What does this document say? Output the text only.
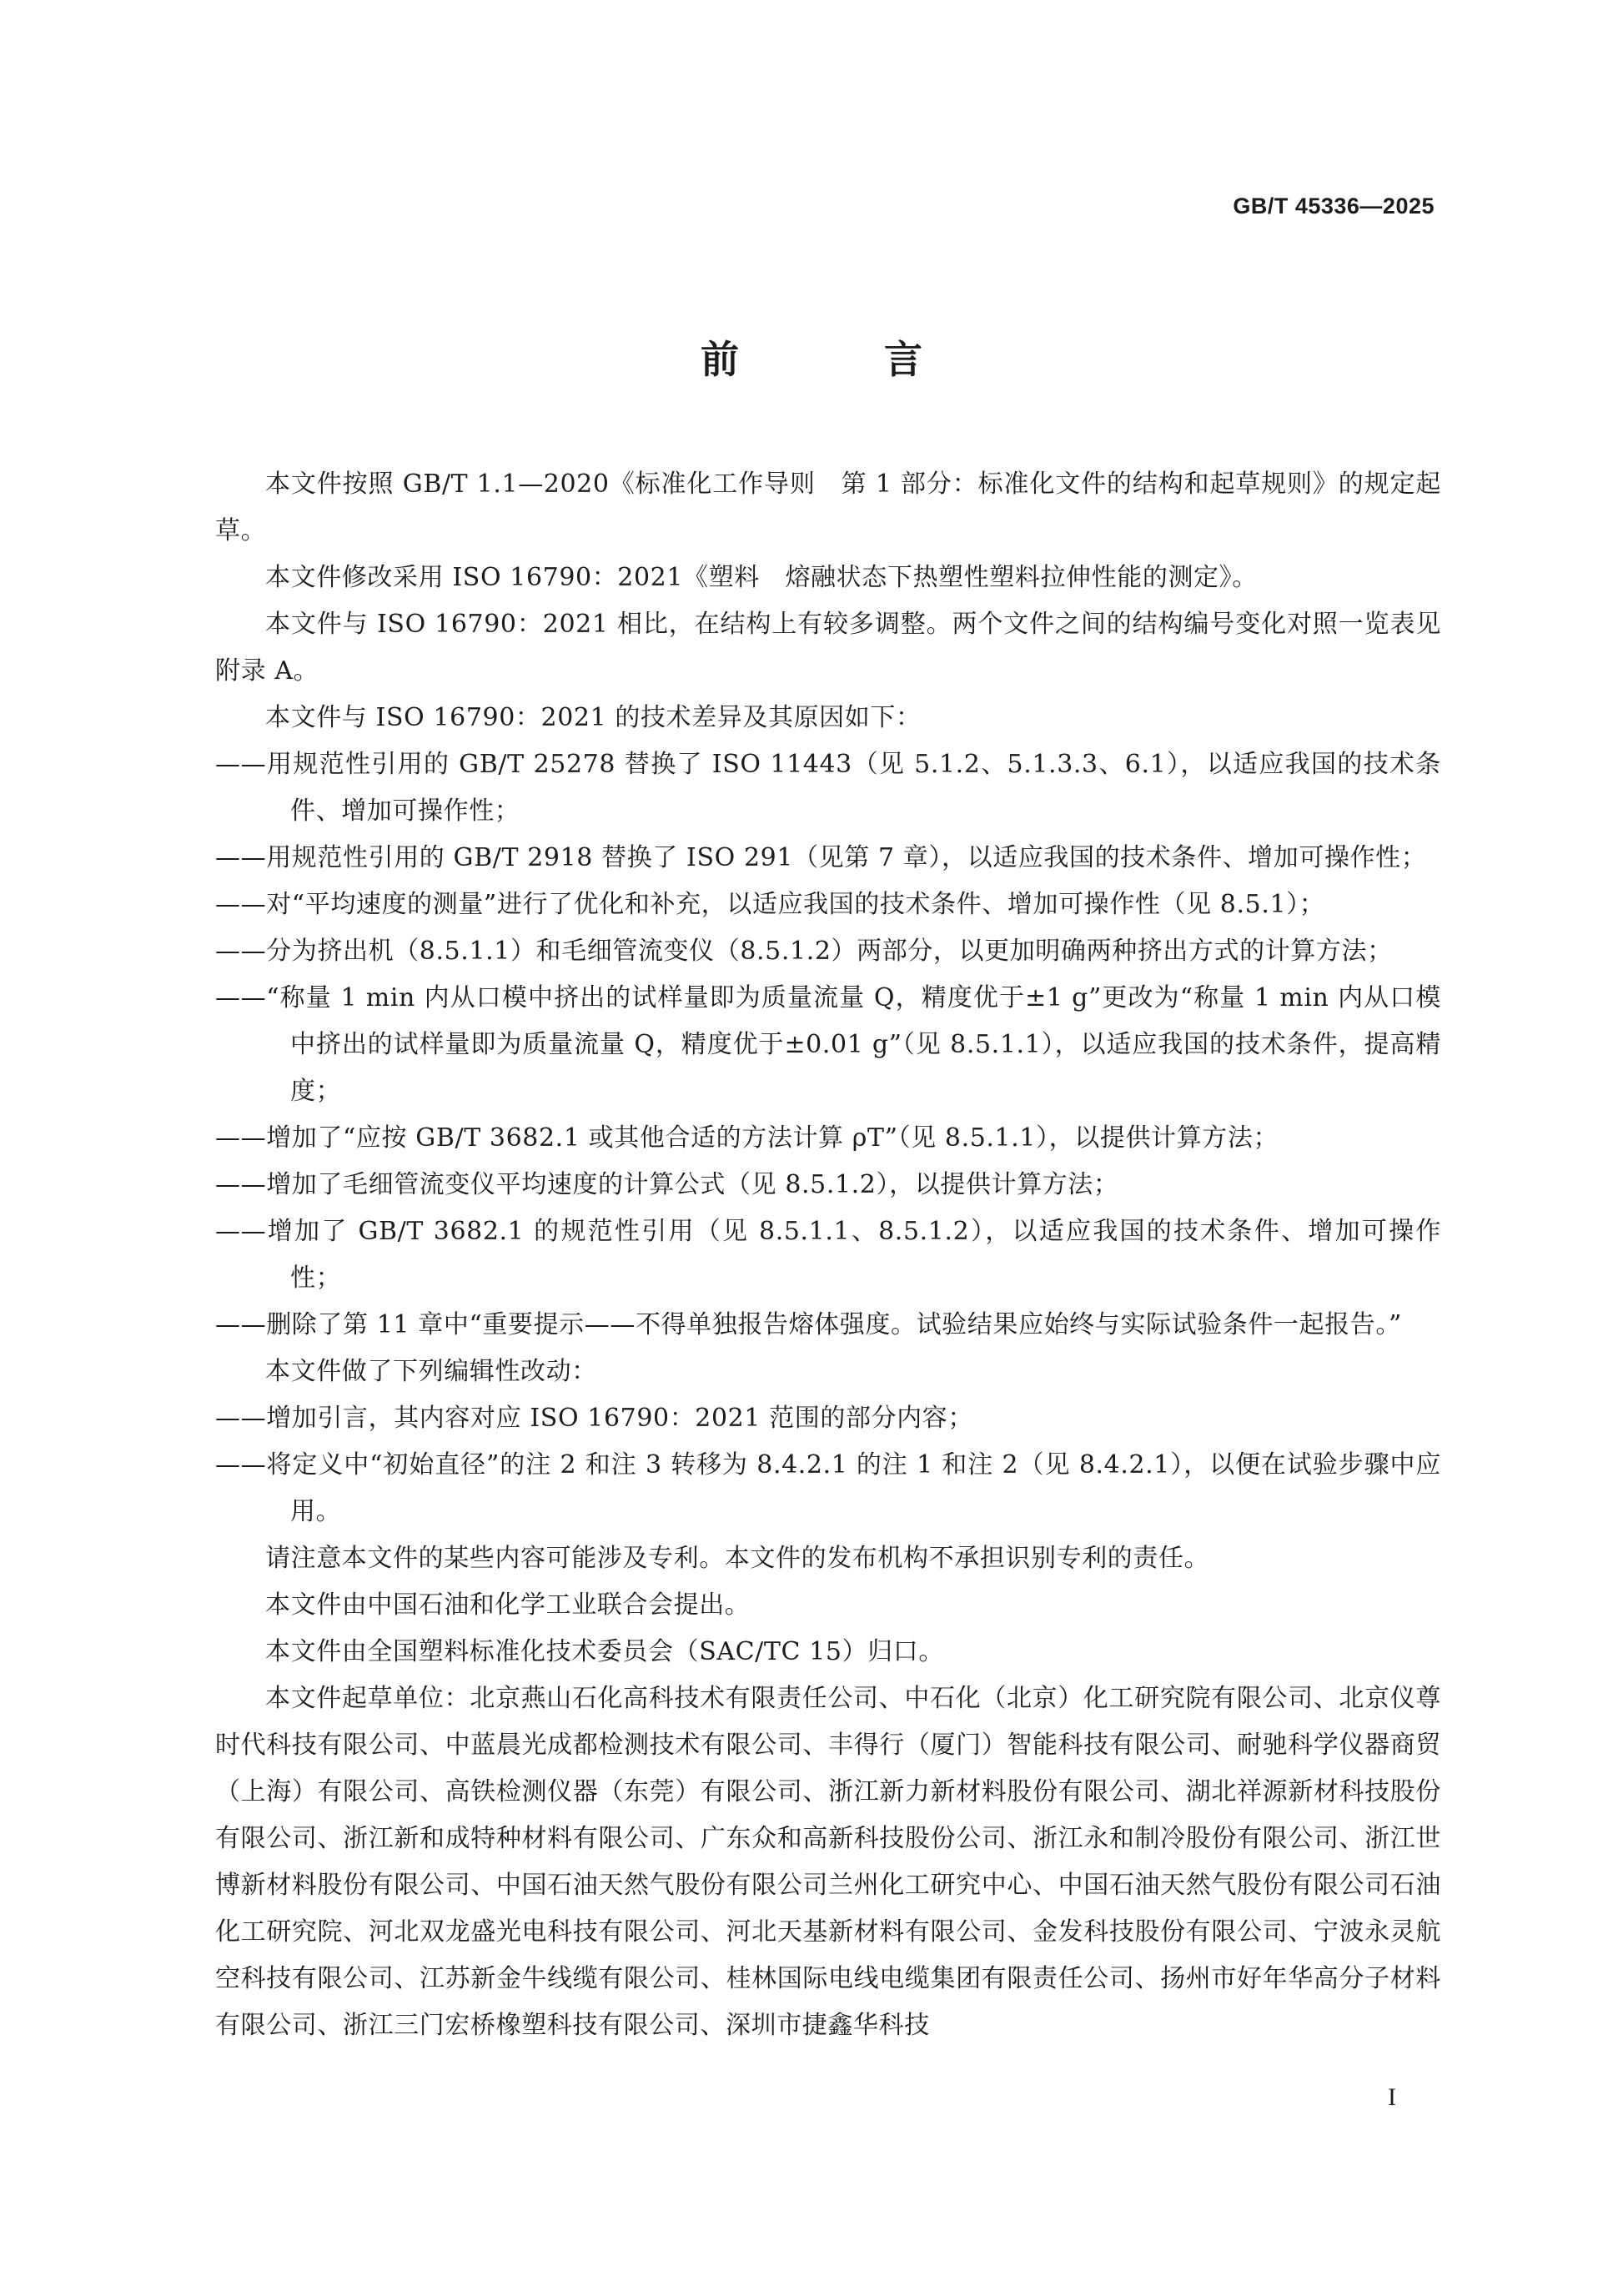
GB/T 45336—2025
前　言

本文件按照 GB/T 1.1—2020《标准化工作导则　第 1 部分：标准化文件的结构和起草规则》的规定起草。

本文件修改采用 ISO 16790：2021《塑料　熔融状态下热塑性塑料拉伸性能的测定》。

本文件与 ISO 16790：2021 相比，在结构上有较多调整。两个文件之间的结构编号变化对照一览表见附录 A。

本文件与 ISO 16790：2021 的技术差异及其原因如下：

——用规范性引用的 GB/T 25278 替换了 ISO 11443（见 5.1.2、5.1.3.3、6.1），以适应我国的技术条件、增加可操作性；

——用规范性引用的 GB/T 2918 替换了 ISO 291（见第 7 章），以适应我国的技术条件、增加可操作性；

——对“平均速度的测量”进行了优化和补充，以适应我国的技术条件、增加可操作性（见 8.5.1）；

——分为挤出机（8.5.1.1）和毛细管流变仪（8.5.1.2）两部分，以更加明确两种挤出方式的计算方法；

——“称量 1 min 内从口模中挤出的试样量即为质量流量 Q，精度优于±1 g”更改为“称量 1 min 内从口模中挤出的试样量即为质量流量 Q，精度优于±0.01 g”（见 8.5.1.1），以适应我国的技术条件，提高精度；

——增加了“应按 GB/T 3682.1 或其他合适的方法计算 ρT”（见 8.5.1.1），以提供计算方法；

——增加了毛细管流变仪平均速度的计算公式（见 8.5.1.2），以提供计算方法；

——增加了 GB/T 3682.1 的规范性引用（见 8.5.1.1、8.5.1.2），以适应我国的技术条件、增加可操作性；

——删除了第 11 章中“重要提示——不得单独报告熔体强度。试验结果应始终与实际试验条件一起报告。”

本文件做了下列编辑性改动：

——增加引言，其内容对应 ISO 16790：2021 范围的部分内容；

——将定义中“初始直径”的注 2 和注 3 转移为 8.4.2.1 的注 1 和注 2（见 8.4.2.1），以便在试验步骤中应用。

请注意本文件的某些内容可能涉及专利。本文件的发布机构不承担识别专利的责任。

本文件由中国石油和化学工业联合会提出。

本文件由全国塑料标准化技术委员会（SAC/TC 15）归口。

本文件起草单位：北京燕山石化高科技术有限责任公司、中石化（北京）化工研究院有限公司、北京仪尊时代科技有限公司、中蓝晨光成都检测技术有限公司、丰得行（厦门）智能科技有限公司、耐驰科学仪器商贸（上海）有限公司、高铁检测仪器（东莞）有限公司、浙江新力新材料股份有限公司、湖北祥源新材科技股份有限公司、浙江新和成特种材料有限公司、广东众和高新科技股份公司、浙江永和制冷股份有限公司、浙江世博新材料股份有限公司、中国石油天然气股份有限公司兰州化工研究中心、中国石油天然气股份有限公司石油化工研究院、河北双龙盛光电科技有限公司、河北天基新材料有限公司、金发科技股份有限公司、宁波永灵航空科技有限公司、江苏新金牛线缆有限公司、桂林国际电线电缆集团有限责任公司、扬州市好年华高分子材料有限公司、浙江三门宏桥橡塑科技有限公司、深圳市捷鑫华科技

I
